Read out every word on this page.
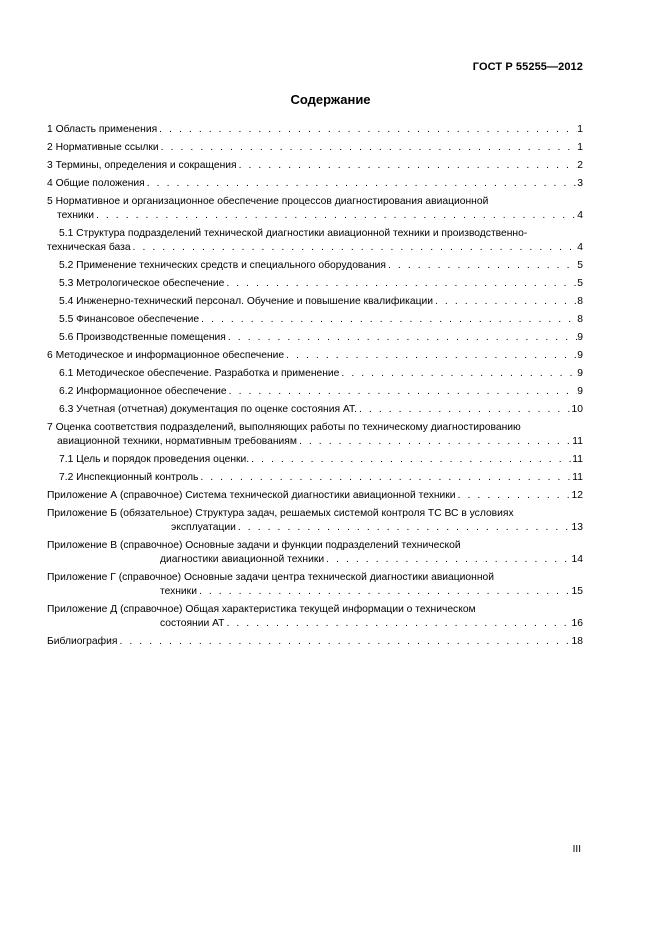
ГОСТ Р 55255—2012
Содержание
1 Область применения . . .	1
2 Нормативные ссылки . . .	1
3 Термины, определения и сокращения . . .	2
4 Общие положения . . .	3
5 Нормативное и организационное обеспечение процессов диагностирования авиационной
техники . . .	4
5.1 Структура подразделений технической диагностики авиационной техники и производственно-
техническая база . . .	4
5.2 Применение технических средств и специального оборудования . . .	5
5.3 Метрологическое обеспечение . . .	5
5.4 Инженерно-технический персонал. Обучение и повышение квалификации . . .	8
5.5 Финансовое обеспечение . . .	8
5.6 Производственные помещения . . .	9
6 Методическое и информационное обеспечение . . .	9
6.1 Методическое обеспечение. Разработка и применение . . .	9
6.2 Информационное обеспечение . . .	9
6.3 Учетная (отчетная) документация по оценке состояния АТ. . . .	10
7 Оценка соответствия подразделений, выполняющих работы по техническому диагностированию
авиационной техники, нормативным требованиям . . .	11
7.1 Цель и порядок проведения оценки. . . .	11
7.2 Инспекционный контроль . . .	11
Приложение А (справочное) Система технической диагностики авиационной техники . . .	12
Приложение Б (обязательное) Структура задач, решаемых системой контроля ТС ВС в условиях
эксплуатации . . .	13
Приложение В (справочное) Основные задачи и функции подразделений технической
диагностики авиационной техники . . .	14
Приложение Г (справочное) Основные задачи центра технической диагностики авиационной
техники . . .	15
Приложение Д (справочное) Общая характеристика текущей информации о техническом
состоянии АТ . . .	16
Библиография . . .	18
III
